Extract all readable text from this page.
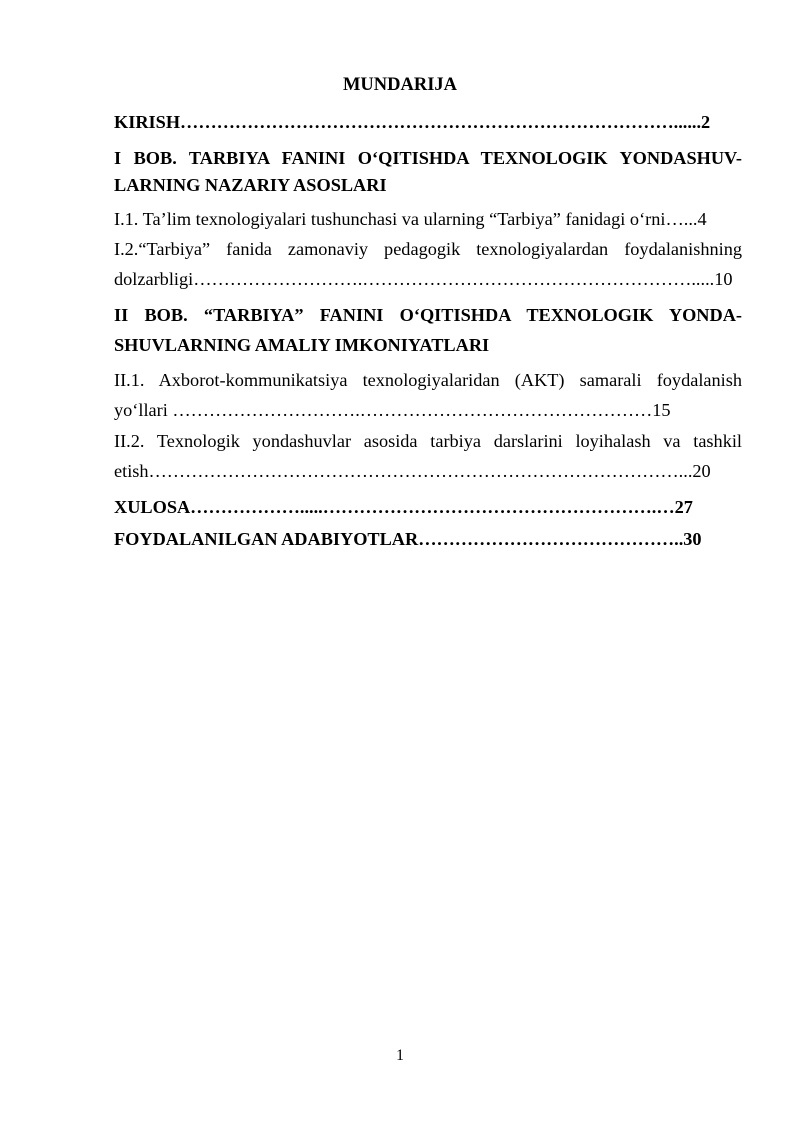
MUNDARIJA
KIRISH………………………………………………………………………......2
I BOB. TARBIYA FANINI O‘QITISHDA TEXNOLOGIK YONDASHUV-
LARNING NAZARIY ASOSLARI
I.1. Ta’lim texnologiyalari tushunchasi va ularning “Tarbiya” fanidagi o‘rni…...4
I.2.“Tarbiya” fanida zamonaviy pedagogik texnologiyalardan foydalanishning
dolzarbligi……………………….……………………………………………….....10
II BOB. “TARBIYA” FANINI O‘QITISHDA TEXNOLOGIK YONDA-
SHUVLARNING AMALIY IMKONIYATLARI
II.1. Axborot-kommunikatsiya texnologiyalaridan (AKT) samarali foydalanish
yo‘llari ………………………….…………………………………………15
II.2. Texnologik yondashuvlar asosida tarbiya darslarini loyihalash va tashkil
etish……………………………………………………………………………...20
XULOSA……………….....……………………………………………….…27
FOYDALANILGAN ADABIYOTLAR……………………………………..30
1
